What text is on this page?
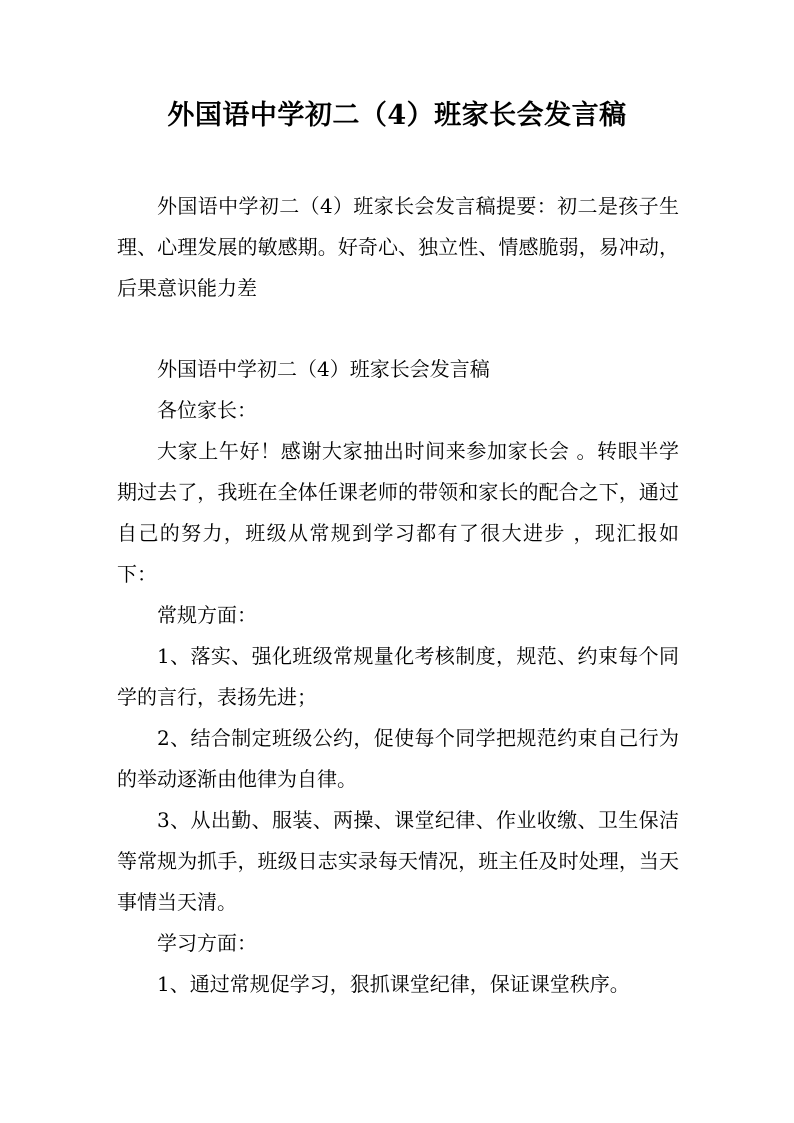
外国语中学初二（4）班家长会发言稿

外国语中学初二（4）班家长会发言稿提要：初二是孩子生理、心理发展的敏感期。好奇心、独立性、情感脆弱，易冲动，后果意识能力差

外国语中学初二（4）班家长会发言稿

各位家长：

大家上午好！感谢大家抽出时间来参加家长会 。转眼半学期过去了，我班在全体任课老师的带领和家长的配合之下，通过自己的努力，班级从常规到学习都有了很大进步 ，现汇报如下：

常规方面：

1、落实、强化班级常规量化考核制度，规范、约束每个同学的言行，表扬先进；

2、结合制定班级公约，促使每个同学把规范约束自己行为的举动逐渐由他律为自律。

3、从出勤、服装、两操、课堂纪律、作业收缴、卫生保洁等常规为抓手，班级日志实录每天情况，班主任及时处理，当天事情当天清。

学习方面：

1、通过常规促学习，狠抓课堂纪律，保证课堂秩序。
